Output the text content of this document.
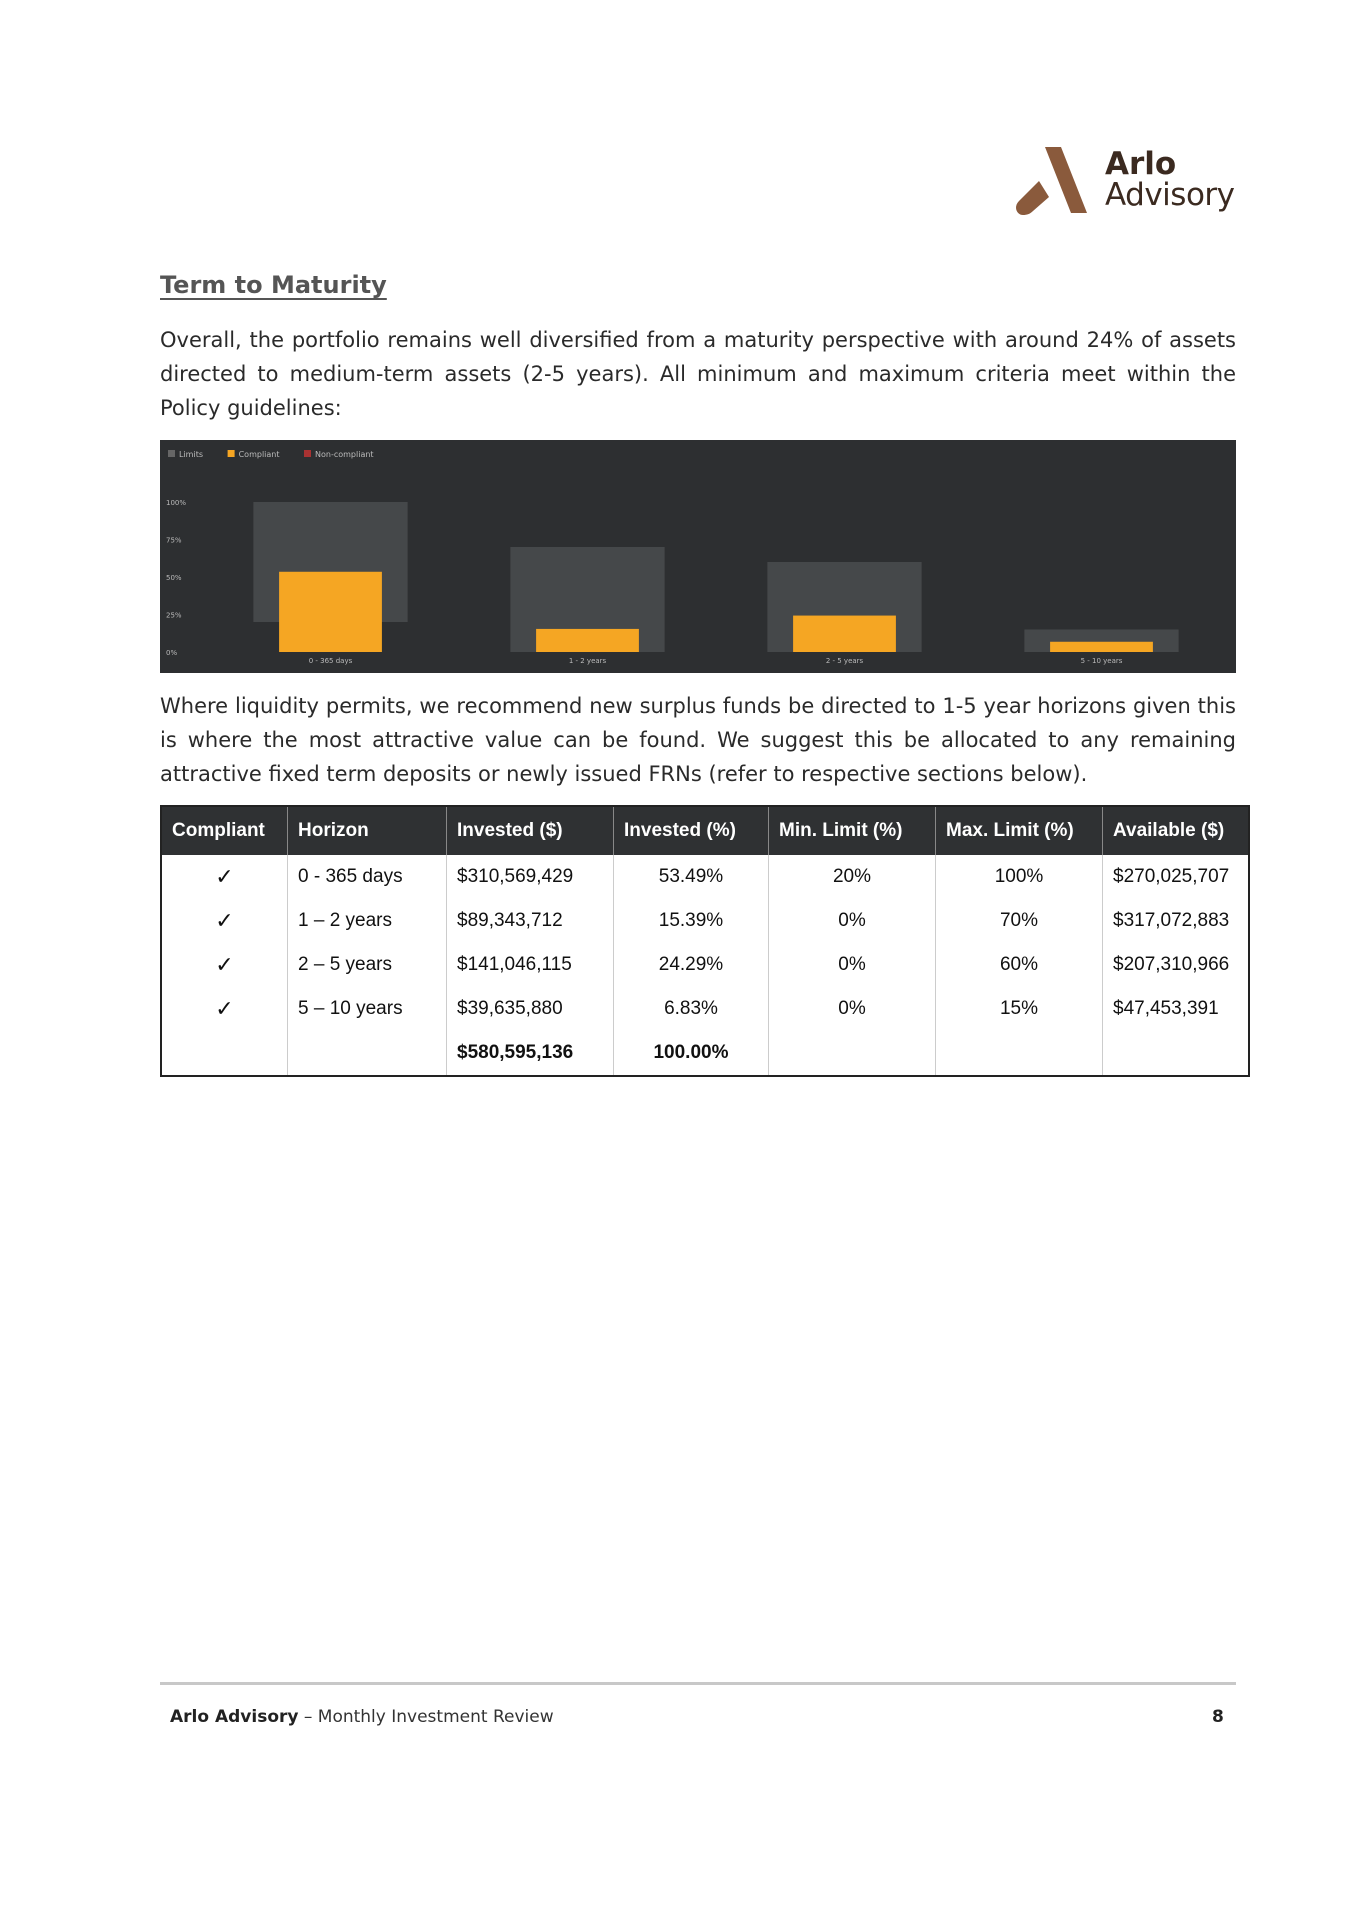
Arlo
Advisory
Term to Maturity
Overall, the portfolio remains well diversified from a maturity perspective with around 24% of assets directed to medium-term assets (2-5 years). All minimum and maximum criteria meet within the Policy guidelines:
Limits	Compliant	Non-compliant
0%
25%
50%
75%
100%
0 - 365 days	1 - 2 years	2 - 5 years	5 - 10 years
Where liquidity permits, we recommend new surplus funds be directed to 1-5 year horizons given this is where the most attractive value can be found. We suggest this be allocated to any remaining attractive fixed term deposits or newly issued FRNs (refer to respective sections below).
Compliant	Horizon	Invested ($)	Invested (%)	Min. Limit (%)	Max. Limit (%)	Available ($)
✓	0 - 365 days	$310,569,429	53.49%	20%	100%	$270,025,707
✓	1 – 2 years	$89,343,712	15.39%	0%	70%	$317,072,883
✓	2 – 5 years	$141,046,115	24.29%	0%	60%	$207,310,966
✓	5 – 10 years	$39,635,880	6.83%	0%	15%	$47,453,391
		$580,595,136	100.00%			
Arlo Advisory – Monthly Investment Review	8
